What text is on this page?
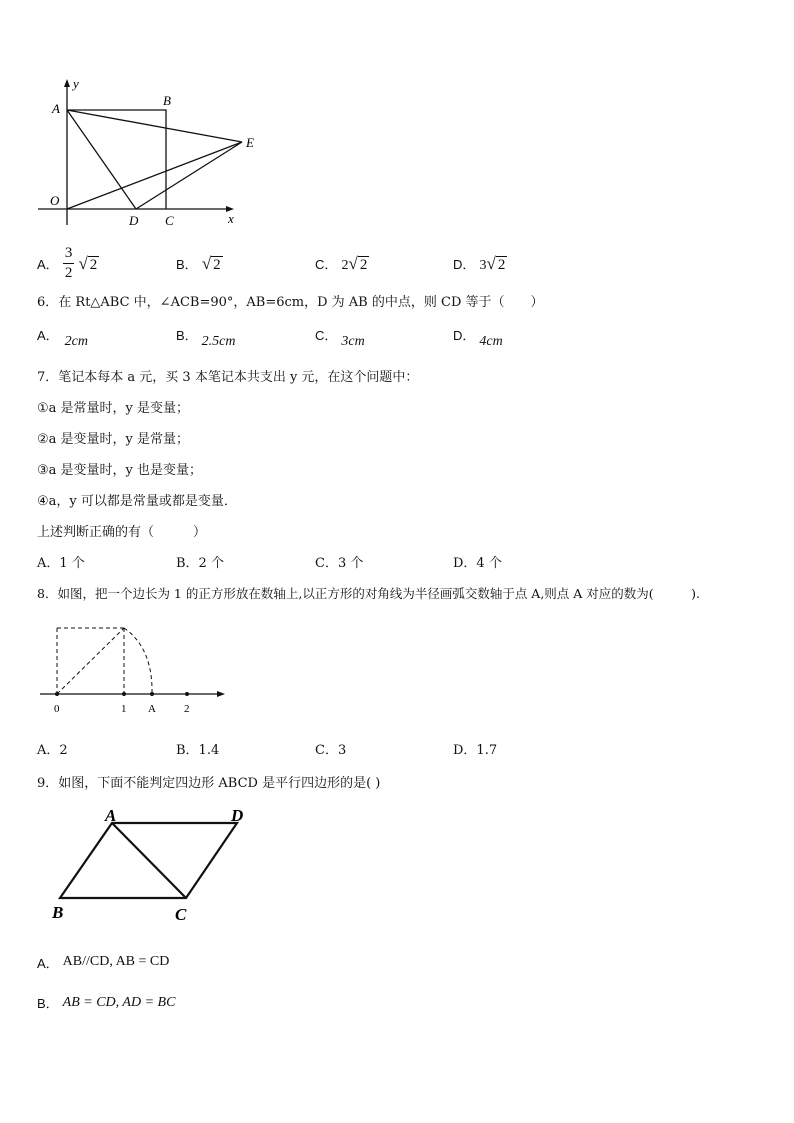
y
A
B
E
O
D C	x
A． $\frac{3}{2}$ √ 2	B． √ 2	C． 2√ 2	D． 3√ 2
6．在 Rt△ABC 中，∠ACB=90°，AB=6cm，D 为 AB 的中点，则 CD 等于（　　）
A． 2cm	B． 2.5cm	C． 3cm	D． 4cm
7．笔记本每本 a 元，买 3 本笔记本共支出 y 元，在这个问题中：
①a 是常量时，y 是变量；
②a 是变量时，y 是常量；
③a 是变量时，y 也是变量；
④a，y 可以都是常量或都是变量．
上述判断正确的有（　　　）
A．1 个	B．2 个	C．3 个	D．4 个
8．如图，把一个边长为 1 的正方形放在数轴上,以正方形的对角线为半径画弧交数轴于点 A,则点 A 对应的数为(　　　).
0	1 A	2
A．2	B．1.4	C．3	D．1.7
9．如图，下面不能判定四边形 ABCD 是平行四边形的是( )
A	D
B	C
A． AB//CD, AB = CD
B． AB = CD, AD = BC
